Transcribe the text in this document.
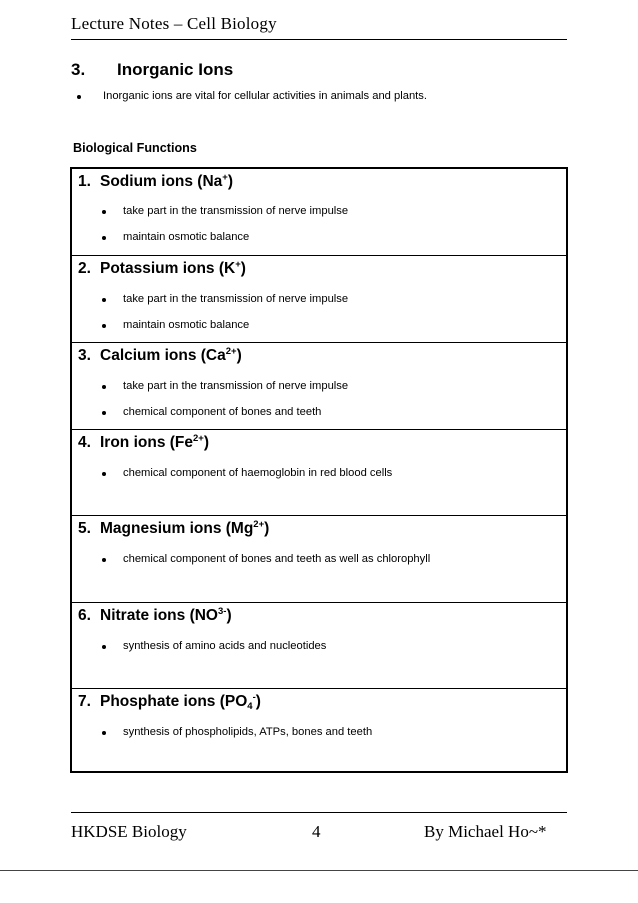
Lecture Notes – Cell Biology
3. Inorganic Ions
Inorganic ions are vital for cellular activities in animals and plants.
Biological Functions
1. Sodium ions (Na+)
take part in the transmission of nerve impulse
maintain osmotic balance
2. Potassium ions (K+)
take part in the transmission of nerve impulse
maintain osmotic balance
3. Calcium ions $(Ca^{2+})$
take part in the transmission of nerve impulse
chemical component of bones and teeth
4. Iron ions $(Fe^{2+})$
chemical component of haemoglobin in red blood cells
5. Magnesium ions $(Mg^{2+})$
chemical component of bones and teeth as well as chlorophyll
6. Nitrate ions $(NO^{3-})$
synthesis of amino acids and nucleotides
7. Phosphate ions $(PO_4^-)$
synthesis of phospholipids, ATPs, bones and teeth
HKDSE Biology	4	By Michael Ho~*
